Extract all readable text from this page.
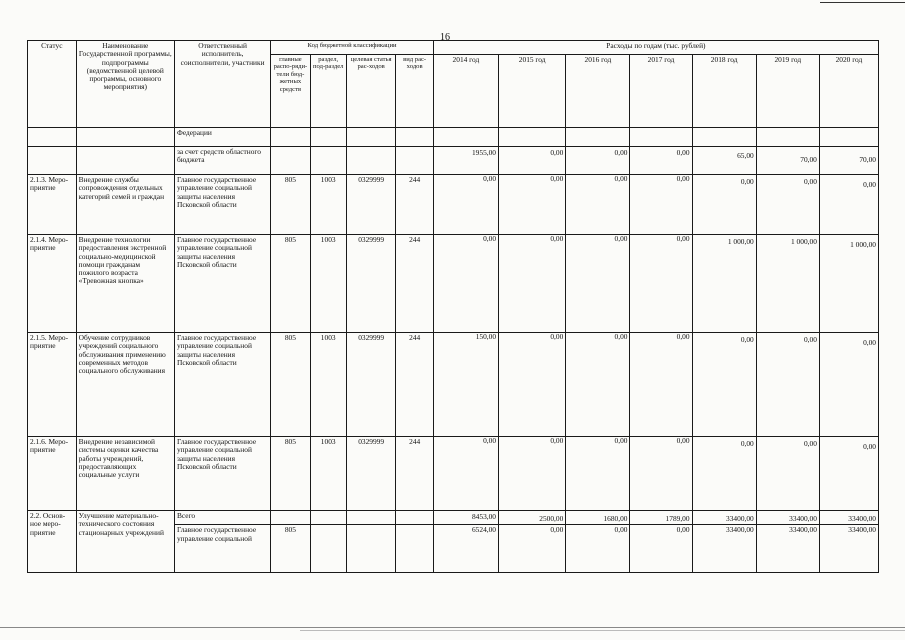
16
Статус	Наименование Государственной программы, подпрограммы (ведомственной целевой программы, основного мероприятия)	Ответственный исполнитель, соисполнители, участники	Код бюджетной классификации				Расходы по годам (тыс. рублей)						
			главные распо-ряди-тели бюд-жетных средств	раздел, под-раздел	целевая статья рас-ходов	вид рас-ходов	2014 год	2015 год	2016 год	2017 год	2018 год	2019 год	2020 год
		Федерации											
		за счет средств областного бюджета					1955,00	0,00	0,00	0,00	65,00	70,00	70,00
2.1.3. Меро-приятие	Внедрение службы сопровождения отдельных категорий семей и граждан	Главное государственное управление социальной защиты населения Псковской области	805	1003	0329999	244	0,00	0,00	0,00	0,00	0,00	0,00	0,00
2.1.4. Меро-приятие	Внедрение технологии предоставления экстренной социально-медицинской помощи гражданам пожилого возраста «Тревожная кнопка»	Главное государственное управление социальной защиты населения Псковской области	805	1003	0329999	244	0,00	0,00	0,00	0,00	1 000,00	1 000,00	1 000,00
2.1.5. Меро-приятие	Обучение сотрудников учреждений социального обслуживания применению современных методов социального обслуживания	Главное государственное управление социальной защиты населения Псковской области	805	1003	0329999	244	150,00	0,00	0,00	0,00	0,00	0,00	0,00
2.1.6. Меро-приятие	Внедрение независимой системы оценки качества работы учреждений, предоставляющих социальные услуги	Главное государственное управление социальной защиты населения Псковской области	805	1003	0329999	244	0,00	0,00	0,00	0,00	0,00	0,00	0,00
2.2. Основ-ное меро-приятие	Улучшение материально-технического состояния стационарных учреждений	Всего					8453,00	2500,00	1680,00	1789,00	33400,00	33400,00	33400,00
		Главное государственное управление социальной	805				6524,00	0,00	0,00	0,00	33400,00	33400,00	33400,00
